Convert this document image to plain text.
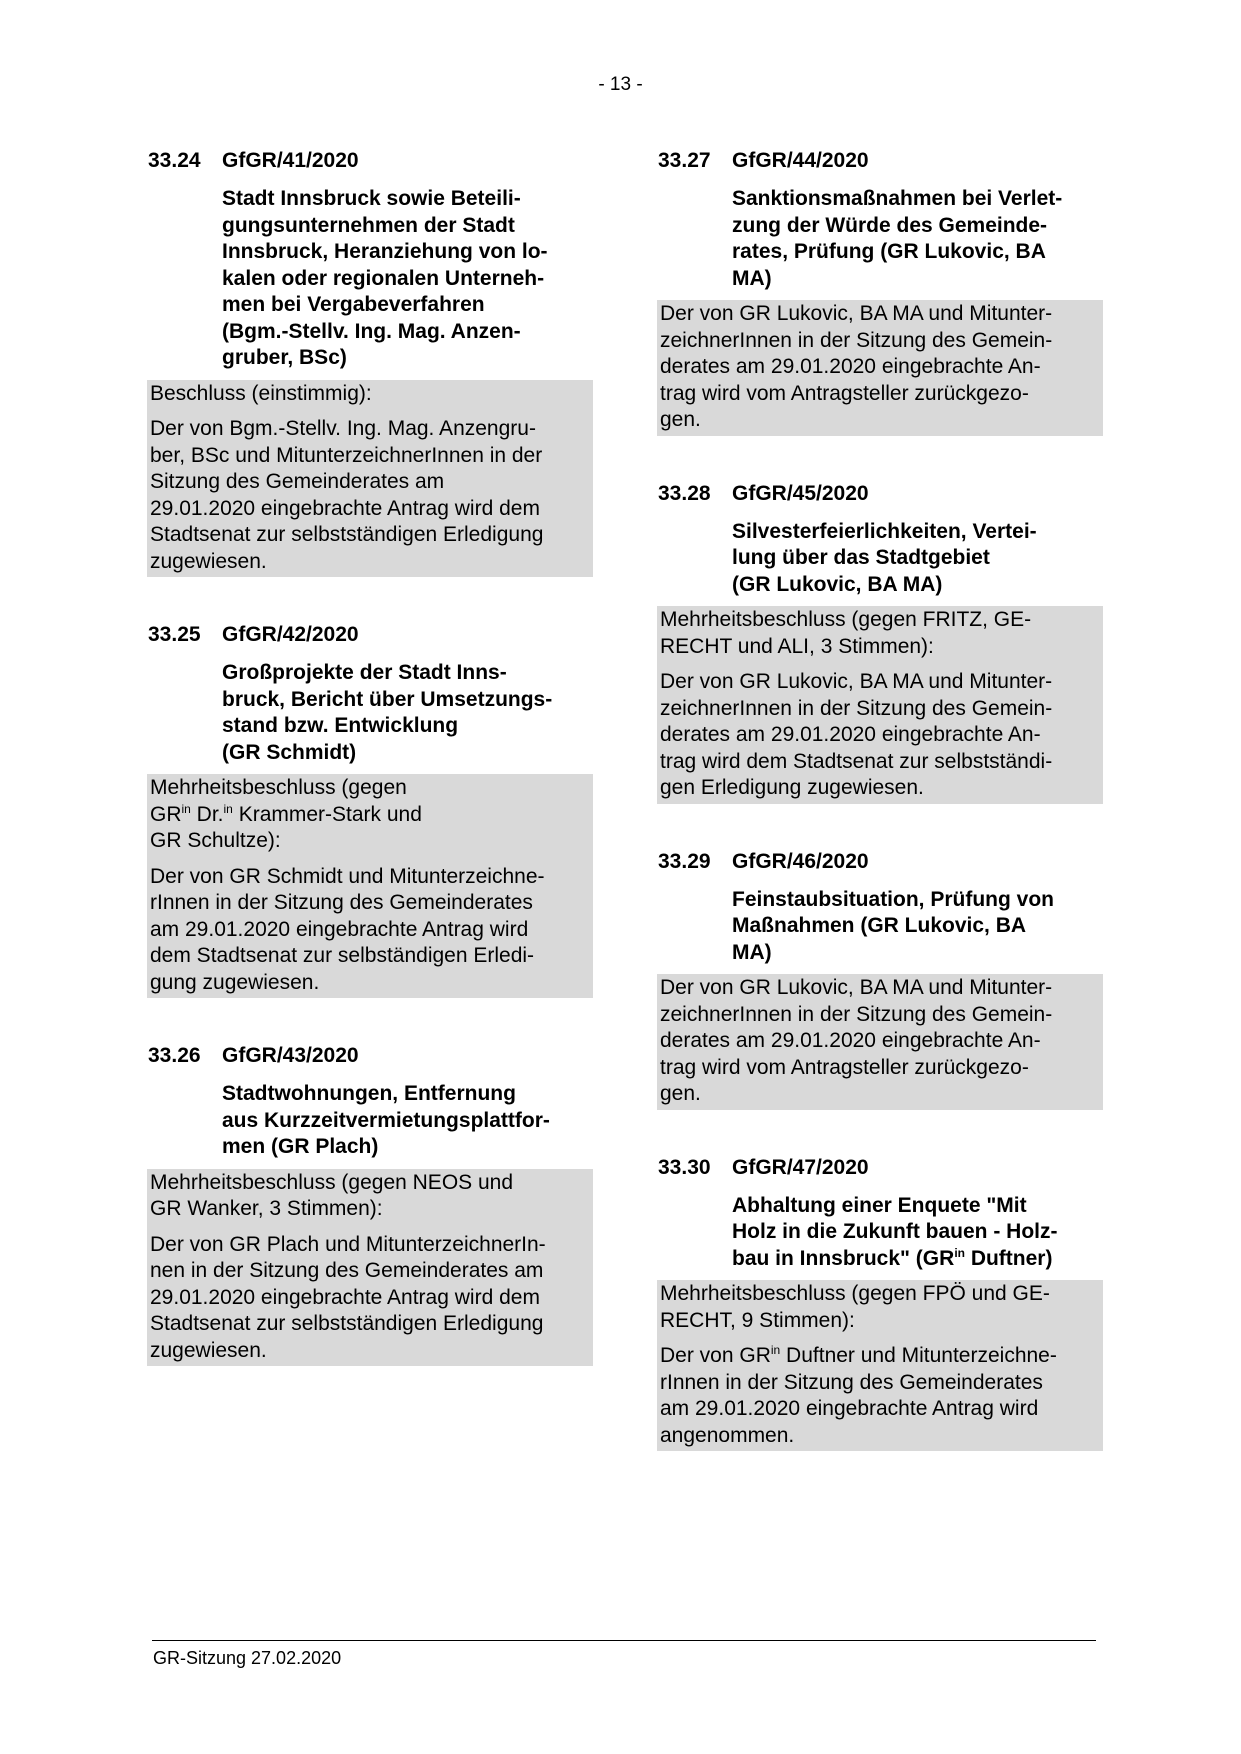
- 13 -
33.24 GfGR/41/2020
Stadt Innsbruck sowie Beteili-
gungsunternehmen der Stadt
Innsbruck, Heranziehung von lo-
kalen oder regionalen Unterneh-
men bei Vergabeverfahren
(Bgm.-Stellv. Ing. Mag. Anzen-
gruber, BSc)
Beschluss (einstimmig):
Der von Bgm.-Stellv. Ing. Mag. Anzengru-
ber, BSc und MitunterzeichnerInnen in der
Sitzung des Gemeinderates am
29.01.2020 eingebrachte Antrag wird dem
Stadtsenat zur selbstständigen Erledigung
zugewiesen.
33.25 GfGR/42/2020
Großprojekte der Stadt Inns-
bruck, Bericht über Umsetzungs-
stand bzw. Entwicklung
(GR Schmidt)
Mehrheitsbeschluss (gegen
$GR^{in}$ Dr.$^{in}$ Krammer-Stark und
GR Schultze):
Der von GR Schmidt und Mitunterzeichne-
rInnen in der Sitzung des Gemeinderates
am 29.01.2020 eingebrachte Antrag wird
dem Stadtsenat zur selbständigen Erledi-
gung zugewiesen.
33.26 GfGR/43/2020
Stadtwohnungen, Entfernung
aus Kurzzeitvermietungsplattfor-
men (GR Plach)
Mehrheitsbeschluss (gegen NEOS und
GR Wanker, 3 Stimmen):
Der von GR Plach und MitunterzeichnerIn-
nen in der Sitzung des Gemeinderates am
29.01.2020 eingebrachte Antrag wird dem
Stadtsenat zur selbstständigen Erledigung
zugewiesen.
33.27 GfGR/44/2020
Sanktionsmaßnahmen bei Verlet-
zung der Würde des Gemeinde-
rates, Prüfung (GR Lukovic, BA
MA)
Der von GR Lukovic, BA MA und Mitunter-
zeichnerInnen in der Sitzung des Gemein-
derates am 29.01.2020 eingebrachte An-
trag wird vom Antragsteller zurückgezo-
gen.
33.28 GfGR/45/2020
Silvesterfeierlichkeiten, Vertei-
lung über das Stadtgebiet
(GR Lukovic, BA MA)
Mehrheitsbeschluss (gegen FRITZ, GE-
RECHT und ALI, 3 Stimmen):
Der von GR Lukovic, BA MA und Mitunter-
zeichnerInnen in der Sitzung des Gemein-
derates am 29.01.2020 eingebrachte An-
trag wird dem Stadtsenat zur selbstständi-
gen Erledigung zugewiesen.
33.29 GfGR/46/2020
Feinstaubsituation, Prüfung von
Maßnahmen (GR Lukovic, BA
MA)
Der von GR Lukovic, BA MA und Mitunter-
zeichnerInnen in der Sitzung des Gemein-
derates am 29.01.2020 eingebrachte An-
trag wird vom Antragsteller zurückgezo-
gen.
33.30 GfGR/47/2020
Abhaltung einer Enquete "Mit
Holz in die Zukunft bauen - Holz-
bau in Innsbruck" ($GR^{in}$ Duftner)
Mehrheitsbeschluss (gegen FPÖ und GE-
RECHT, 9 Stimmen):
Der von $GR^{in}$ Duftner und Mitunterzeichne-
rInnen in der Sitzung des Gemeinderates
am 29.01.2020 eingebrachte Antrag wird
angenommen.
GR-Sitzung 27.02.2020
